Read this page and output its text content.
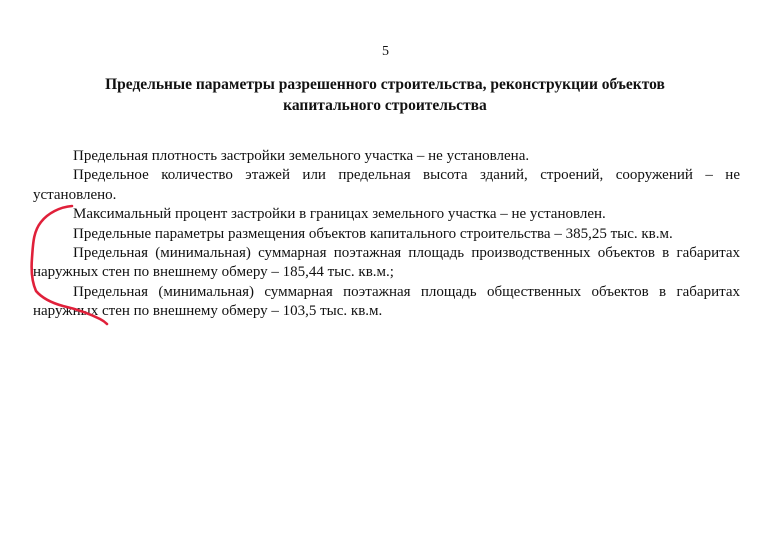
5
Предельные параметры разрешенного строительства, реконструкции объектов капитального строительства

Предельная плотность застройки земельного участка – не установлена.

Предельное количество этажей или предельная высота зданий, строений, сооружений – не установлено.

Максимальный процент застройки в границах земельного участка – не установлен.

Предельные параметры размещения объектов капитального строительства – 385,25 тыс. кв.м.

Предельная (минимальная) суммарная поэтажная площадь производственных объектов в габаритах наружных стен по внешнему обмеру – 185,44 тыс. кв.м.;

Предельная (минимальная) суммарная поэтажная площадь общественных объектов в габаритах наружных стен по внешнему обмеру – 103,5 тыс. кв.м.
